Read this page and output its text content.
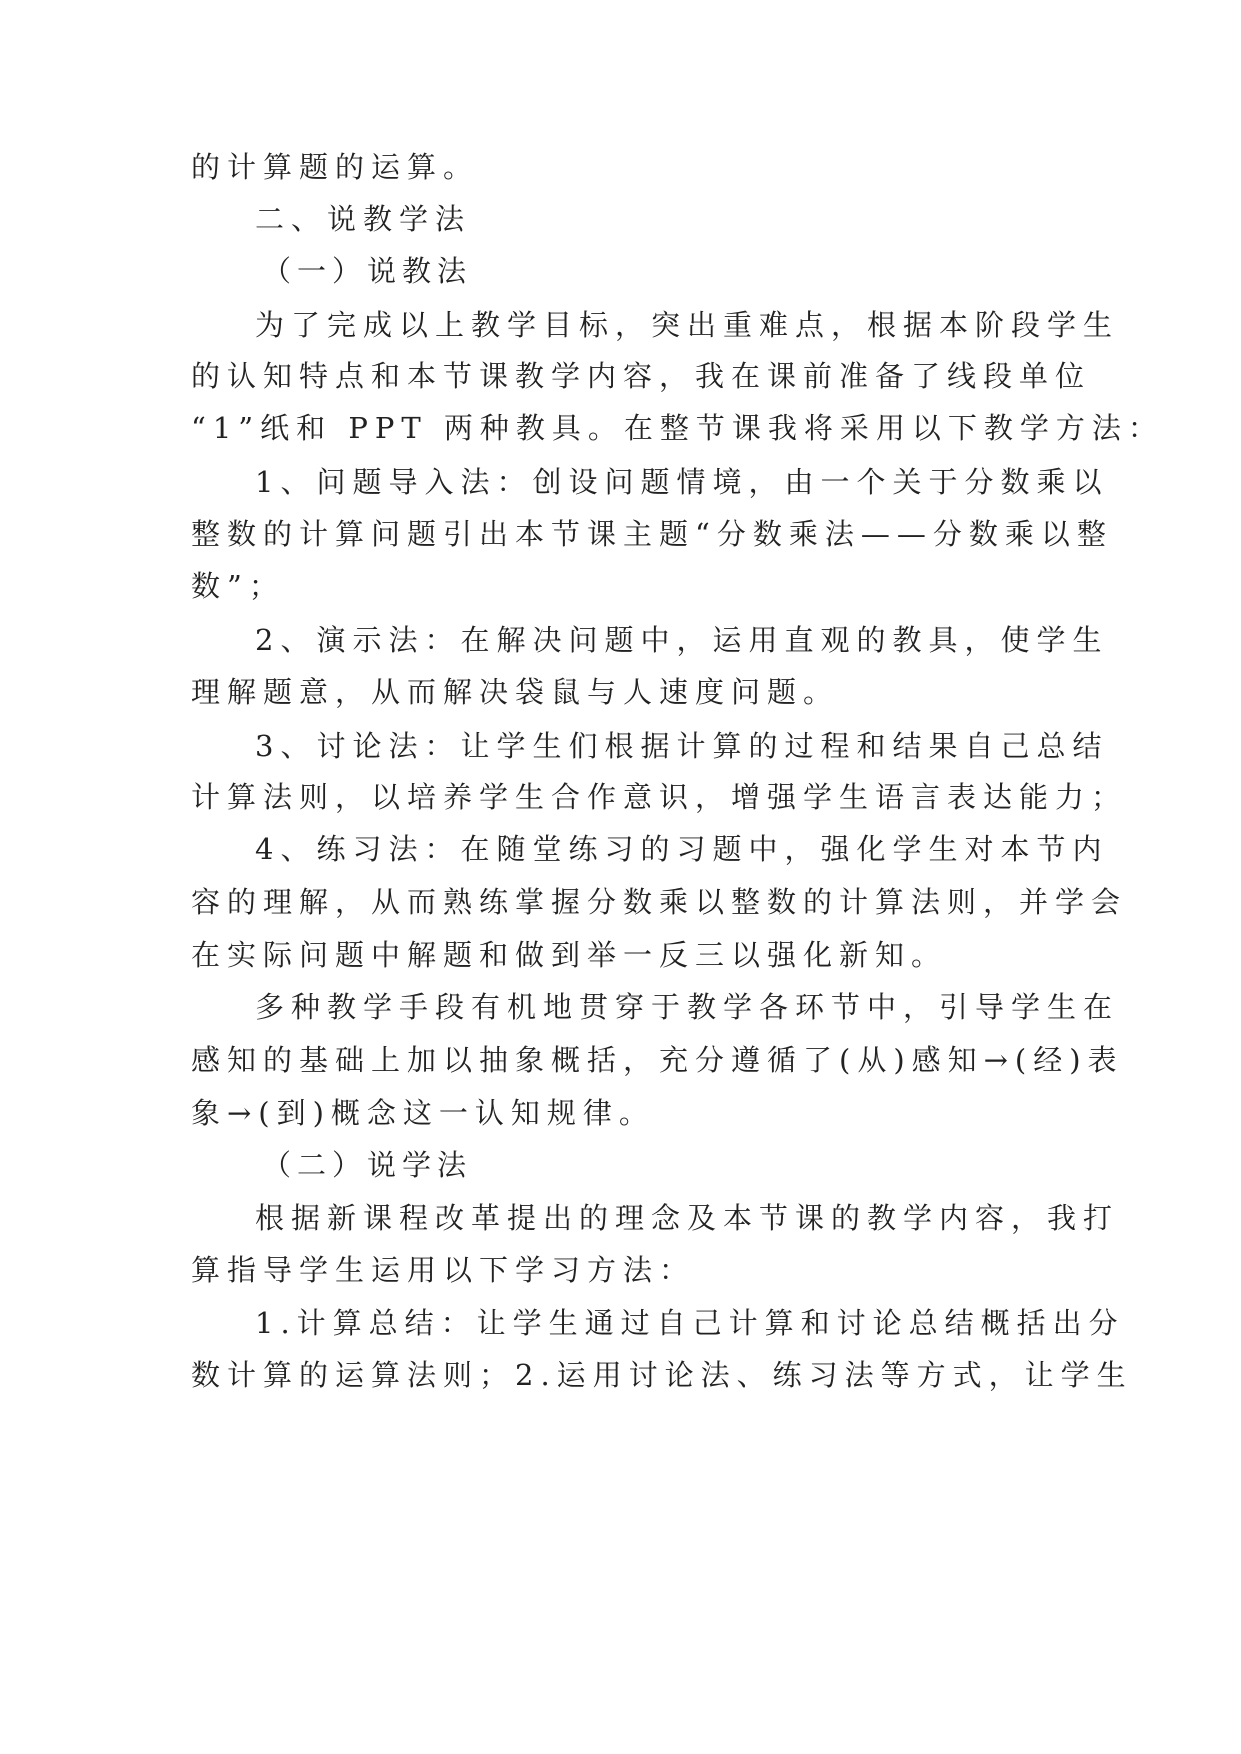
的计算题的运算。

二、说教学法

（一）说教法

为了完成以上教学目标，突出重难点，根据本阶段学生

的认知特点和本节课教学内容，我在课前准备了线段单位

“1”纸和 PPT 两种教具。在整节课我将采用以下教学方法：

1、问题导入法：创设问题情境，由一个关于分数乘以

整数的计算问题引出本节课主题“分数乘法——分数乘以整

数”；

2、演示法：在解决问题中，运用直观的教具，使学生

理解题意，从而解决袋鼠与人速度问题。

3、讨论法：让学生们根据计算的过程和结果自己总结

计算法则，以培养学生合作意识，增强学生语言表达能力；

4、练习法：在随堂练习的习题中，强化学生对本节内

容的理解，从而熟练掌握分数乘以整数的计算法则，并学会

在实际问题中解题和做到举一反三以强化新知。

多种教学手段有机地贯穿于教学各环节中，引导学生在

感知的基础上加以抽象概括，充分遵循了(从)感知→(经)表

象→(到)概念这一认知规律。

（二）说学法

根据新课程改革提出的理念及本节课的教学内容，我打

算指导学生运用以下学习方法：

1.计算总结：让学生通过自己计算和讨论总结概括出分

数计算的运算法则；2.运用讨论法、练习法等方式，让学生
